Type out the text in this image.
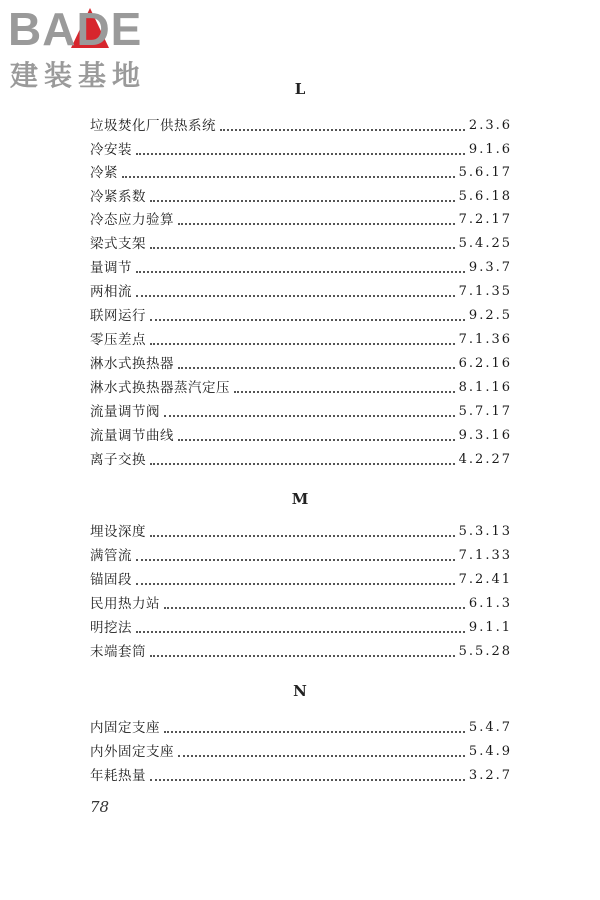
BADE
建装基地	L
垃圾焚化厂供热系统	2.3.6
冷安装	9.1.6
冷紧	5.6.17
冷紧系数	5.6.18
冷态应力验算	7.2.17
梁式支架	5.4.25
量调节	9.3.7
两相流	7.1.35
联网运行	9.2.5
零压差点	7.1.36
淋水式换热器	6.2.16
淋水式换热器蒸汽定压	8.1.16
流量调节阀	5.7.17
流量调节曲线	9.3.16
离子交换	4.2.27
M
埋设深度	5.3.13
满管流	7.1.33
锚固段	7.2.41
民用热力站	6.1.3
明挖法	9.1.1
末端套筒	5.5.28
N
内固定支座	5.4.7
内外固定支座	5.4.9
年耗热量	3.2.7
78
